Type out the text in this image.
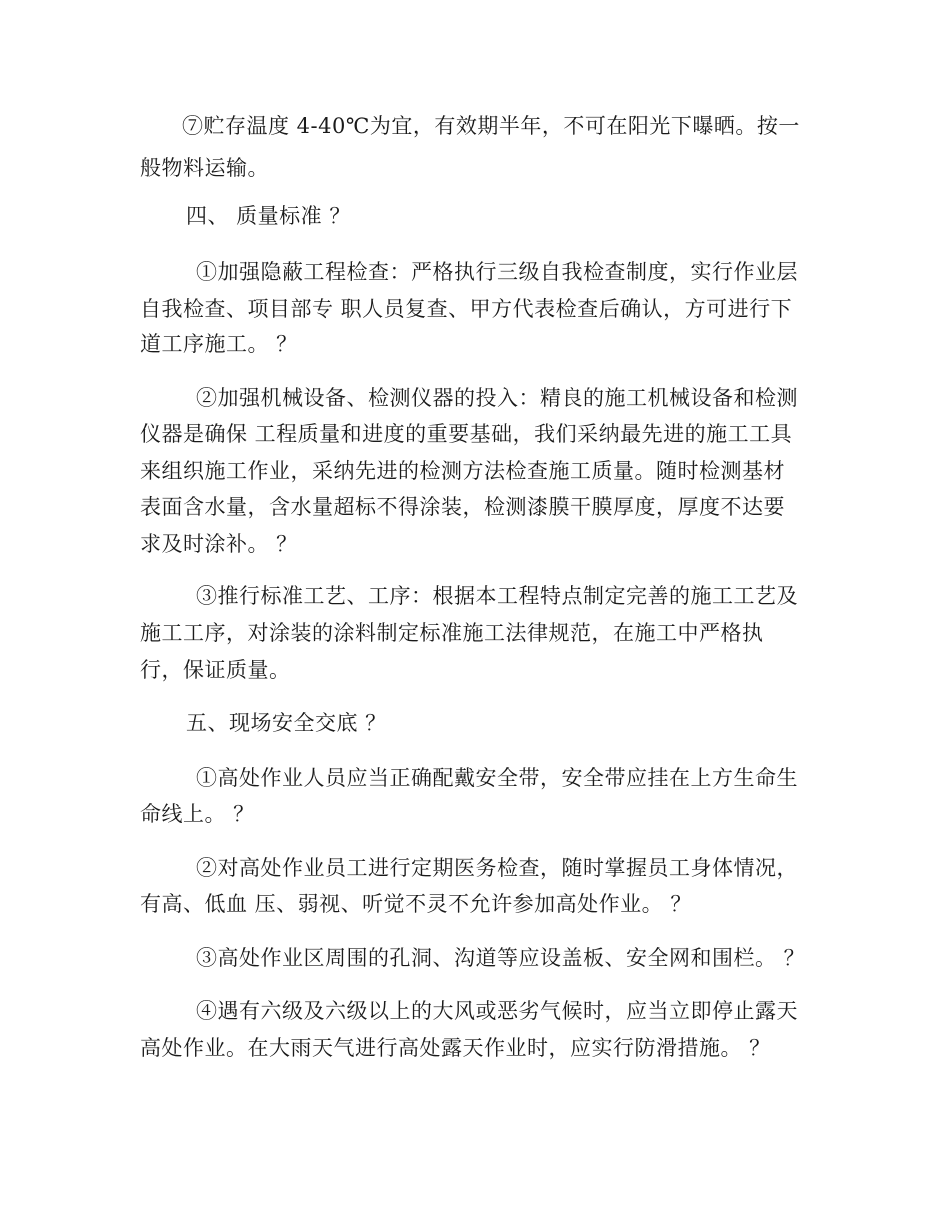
⑦贮存温度 4-40℃为宜，有效期半年，不可在阳光下曝晒。按一
般物料运输。
四、 质量标准 ？
①加强隐蔽工程检查：严格执行三级自我检查制度，实行作业层
自我检查、项目部专 职人员复查、甲方代表检查后确认，方可进行下
道工序施工。 ？
②加强机械设备、检测仪器的投入：精良的施工机械设备和检测
仪器是确保 工程质量和进度的重要基础，我们采纳最先进的施工工具
来组织施工作业，采纳先进的检测方法检查施工质量。随时检测基材
表面含水量，含水量超标不得涂装，检测漆膜干膜厚度，厚度不达要
求及时涂补。 ？
③推行标准工艺、工序：根据本工程特点制定完善的施工工艺及
施工工序，对涂装的涂料制定标准施工法律规范，在施工中严格执
行，保证质量。
五、现场安全交底 ？
①高处作业人员应当正确配戴安全带，安全带应挂在上方生命生
命线上。 ？
②对高处作业员工进行定期医务检查，随时掌握员工身体情况，
有高、低血 压、弱视、听觉不灵不允许参加高处作业。 ？
③高处作业区周围的孔洞、沟道等应设盖板、安全网和围栏。 ？
④遇有六级及六级以上的大风或恶劣气候时，应当立即停止露天
高处作业。在大雨天气进行高处露天作业时，应实行防滑措施。 ？
